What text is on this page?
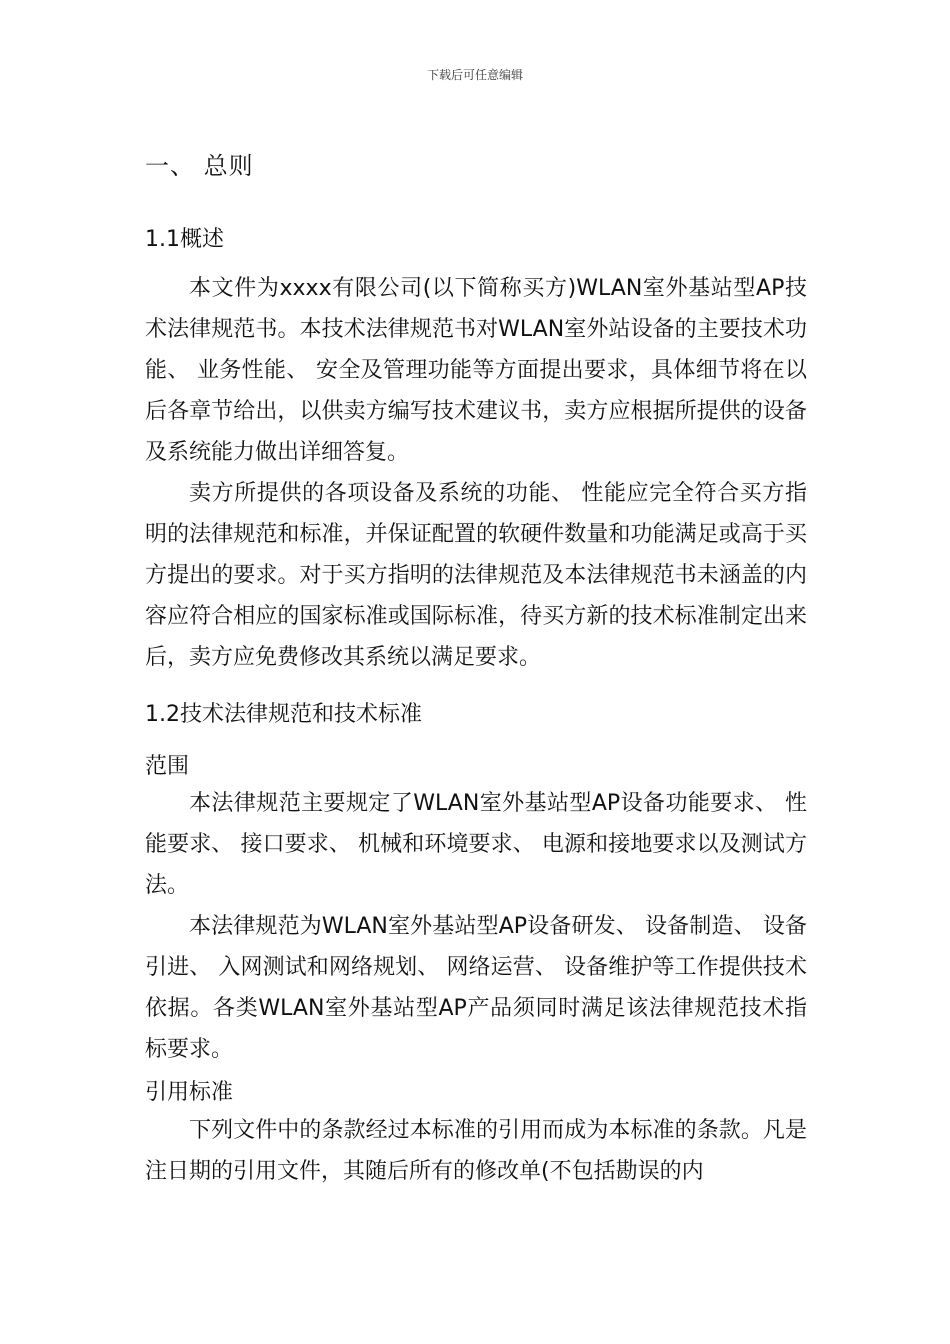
下载后可任意编辑
一、 总则
1.1概述

本文件为xxxx有限公司(以下简称买方)WLAN室外基站型AP技术法律规范书。本技术法律规范书对WLAN室外站设备的主要技术功能、 业务性能、 安全及管理功能等方面提出要求，具体细节将在以后各章节给出，以供卖方编写技术建议书，卖方应根据所提供的设备及系统能力做出详细答复。

卖方所提供的各项设备及系统的功能、 性能应完全符合买方指明的法律规范和标准，并保证配置的软硬件数量和功能满足或高于买方提出的要求。对于买方指明的法律规范及本法律规范书未涵盖的内容应符合相应的国家标准或国际标准，待买方新的技术标准制定出来后，卖方应免费修改其系统以满足要求。

1.2技术法律规范和技术标准
范围

本法律规范主要规定了WLAN室外基站型AP设备功能要求、 性能要求、 接口要求、 机械和环境要求、 电源和接地要求以及测试方法。

本法律规范为WLAN室外基站型AP设备研发、 设备制造、 设备引进、 入网测试和网络规划、 网络运营、 设备维护等工作提供技术依据。各类WLAN室外基站型AP产品须同时满足该法律规范技术指标要求。

引用标准

下列文件中的条款经过本标准的引用而成为本标准的条款。凡是注日期的引用文件，其随后所有的修改单(不包括勘误的内
